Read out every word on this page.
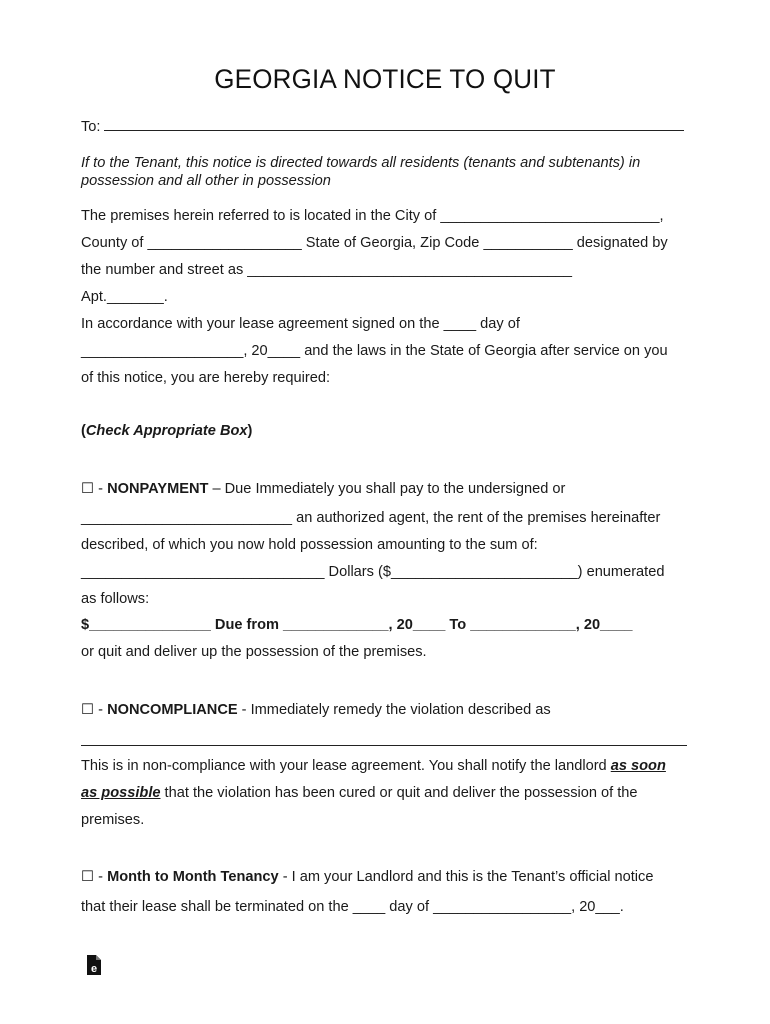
GEORGIA NOTICE TO QUIT
To:
If to the Tenant, this notice is directed towards all residents (tenants and subtenants) in
possession and all other in possession
The premises herein referred to is located in the City of ___________________________,
County of ___________________ State of Georgia, Zip Code ___________ designated by
the number and street as ________________________________________
Apt._______.
In accordance with your lease agreement signed on the ____ day of
____________________, 20____ and the laws in the State of Georgia after service on you
of this notice, you are hereby required:
(Check Appropriate Box)
☐ - NONPAYMENT – Due Immediately you shall pay to the undersigned or
__________________________ an authorized agent, the rent of the premises hereinafter
described, of which you now hold possession amounting to the sum of:
______________________________ Dollars ($_______________________) enumerated
as follows:
$_______________ Due from _____________, 20____ To _____________, 20____
or quit and deliver up the possession of the premises.
☐ - NONCOMPLIANCE - Immediately remedy the violation described as
This is in non-compliance with your lease agreement. You shall notify the landlord as soon
as possible that the violation has been cured or quit and deliver the possession of the
premises.
☐ - Month to Month Tenancy - I am your Landlord and this is the Tenant’s official notice
that their lease shall be terminated on the ____ day of _________________, 20___.
e
